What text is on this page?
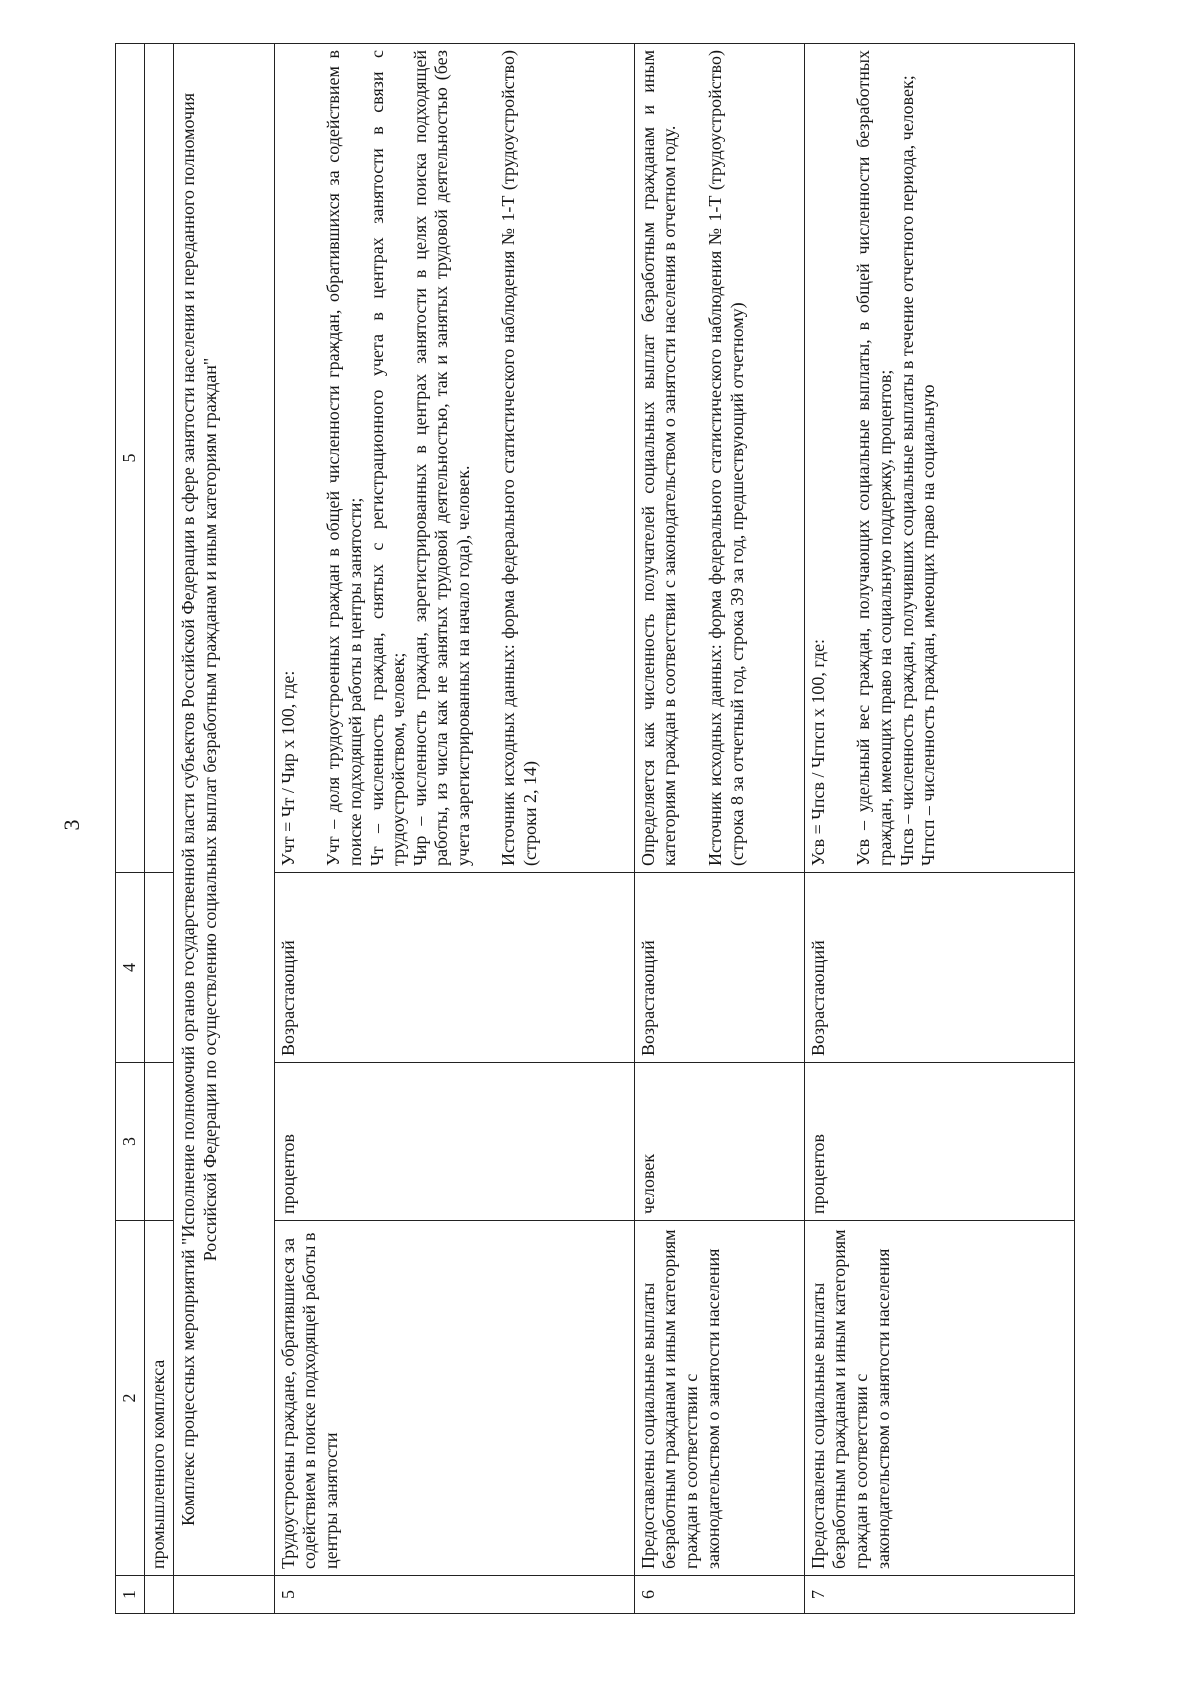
3
1	2	3	4	5
	промышленного комплекса			
	Комплекс процессных мероприятий "Исполнение полномочий органов государственной власти субъектов Российской Федерации в сфере занятости населения и переданного полномочия Российской Федерации по осуществлению социальных выплат безработным гражданам и иным категориям граждан"			
5	Трудоустроены граждане, обратившиеся за содействием в поиске подходящей работы в центры занятости	процентов	Возрастающий	Учт = Чт / Чир х 100, где: Учт – доля трудоустроенных граждан в общей численности граждан, обратившихся за содействием в поиске подходящей работы в центры занятости; Чт – численность граждан, снятых с регистрационного учета в центрах занятости в связи с трудоустройством, человек; Чир – численность граждан, зарегистрированных в центрах занятости в целях поиска подходящей работы, из числа как не занятых трудовой деятельностью, так и занятых трудовой деятельностью (без учета зарегистрированных на начало года), человек. Источник исходных данных: форма федерального статистического наблюдения № 1-Т (трудоустройство) (строки 2, 14)

6	Предоставлены социальные выплаты безработным гражданам и иным категориям граждан в соответствии с законодательством о занятости населения	человек	Возрастающий	Определяется как численность получателей социальных выплат безработным гражданам и иным категориям граждан в соответствии с законодательством о занятости населения в отчетном году. Источник исходных данных: форма федерального статистического наблюдения № 1-Т (трудоустройство) (строка 8 за отчетный год, строка 39 за год, предшествующий отчетному)

7	Предоставлены социальные выплаты безработным гражданам и иным категориям граждан в соответствии с законодательством о занятости населения	процентов	Возрастающий	Усв = Чпсв / Чгпсп х 100, где: Усв – удельный вес граждан, получающих социальные выплаты, в общей численности безработных граждан, имеющих право на социальную поддержку, процентов; Чпсв – численность граждан, получивших социальные выплаты в течение отчетного периода, человек; Чгпсп – численность граждан, имеющих право на социальную
